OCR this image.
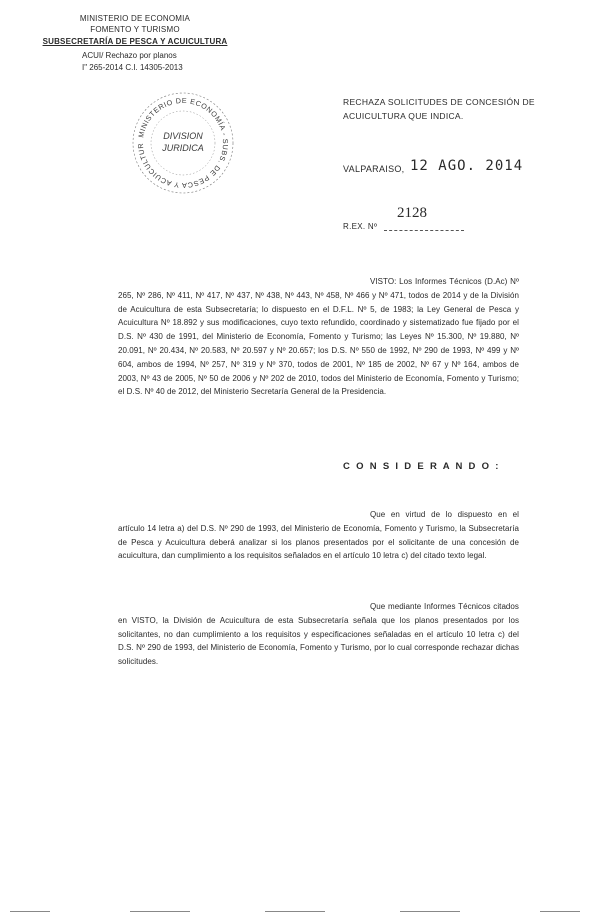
MINISTERIO DE ECONOMIA
FOMENTO Y TURISMO
SUBSECRETARÍA DE PESCA Y ACUICULTURA
ACUI/ Rechazo por planos
I" 265-2014 C.I. 14305-2013
MINISTERIO DE ECONOMÍA - SUBS. DE PESCA Y ACUICULTUR
DIVISION
JURIDICA
RECHAZA SOLICITUDES DE CONCESIÓN DE
ACUICULTURA QUE INDICA.
VALPARAISO, 12 AGO. 2014
R.EX. Nº
2128
VISTO: Los Informes Técnicos (D.Ac) Nº 265, Nº 286, Nº 411, Nº 417, Nº 437, Nº 438, Nº 443, Nº 458, Nº 466 y Nº 471, todos de 2014 y de la División de Acuicultura de esta Subsecretaría; lo dispuesto en el D.F.L. Nº 5, de 1983; la Ley General de Pesca y Acuicultura Nº 18.892 y sus modificaciones, cuyo texto refundido, coordinado y sistematizado fue fijado por el D.S. Nº 430 de 1991, del Ministerio de Economía, Fomento y Turismo; las Leyes Nº 15.300, Nº 19.880, Nº 20.091, Nº 20.434, Nº 20.583, Nº 20.597 y Nº 20.657; los D.S. Nº 550 de 1992, Nº 290 de 1993, Nº 499 y Nº 604, ambos de 1994, Nº 257, Nº 319 y Nº 370, todos de 2001, Nº 185 de 2002, Nº 67 y Nº 164, ambos de 2003, Nº 43 de 2005, Nº 50 de 2006 y Nº 202 de 2010, todos del Ministerio de Economía, Fomento y Turismo; el D.S. Nº 40 de 2012, del Ministerio Secretaría General de la Presidencia.
C O N S I D E R A N D O :
Que en virtud de lo dispuesto en el artículo 14 letra a) del D.S. Nº 290 de 1993, del Ministerio de Economía, Fomento y Turismo, la Subsecretaría de Pesca y Acuicultura deberá analizar si los planos presentados por el solicitante de una concesión de acuicultura, dan cumplimiento a los requisitos señalados en el artículo 10 letra c) del citado texto legal.
Que mediante Informes Técnicos citados en VISTO, la División de Acuicultura de esta Subsecretaría señala que los planos presentados por los solicitantes, no dan cumplimiento a los requisitos y especificaciones señaladas en el artículo 10 letra c) del D.S. Nº 290 de 1993, del Ministerio de Economía, Fomento y Turismo, por lo cual corresponde rechazar dichas solicitudes.
